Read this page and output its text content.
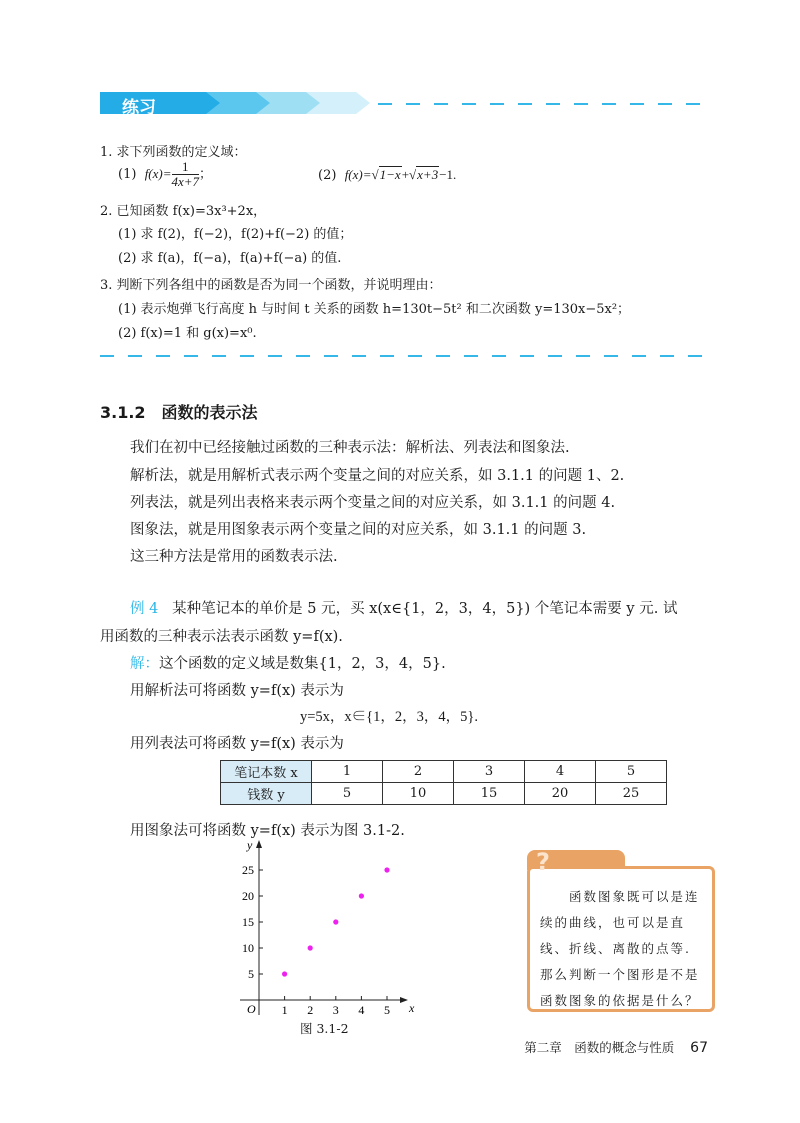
练习
1. 求下列函数的定义域：
(1) $f(x)= \frac{1}{4x+7}$ ；	(2) f(x)=√1−x+√x+3−1.
2. 已知函数 f(x)=3x³+2x，
(1) 求 f(2)，f(−2)，f(2)+f(−2) 的值；
(2) 求 f(a)，f(−a)，f(a)+f(−a) 的值.
3. 判断下列各组中的函数是否为同一个函数，并说明理由：
(1) 表示炮弹飞行高度 h 与时间 t 关系的函数 h=130t−5t² 和二次函数 y=130x−5x²；
(2) f(x)=1 和 g(x)=x⁰.
3.1.2　函数的表示法
我们在初中已经接触过函数的三种表示法：解析法、列表法和图象法.
解析法，就是用解析式表示两个变量之间的对应关系，如 3.1.1 的问题 1、2.
列表法，就是列出表格来表示两个变量之间的对应关系，如 3.1.1 的问题 4.
图象法，就是用图象表示两个变量之间的对应关系，如 3.1.1 的问题 3.
这三种方法是常用的函数表示法.
例 4 某种笔记本的单价是 5 元，买 x(x∈{1，2，3，4，5}) 个笔记本需要 y 元. 试
用函数的三种表示法表示函数 y=f(x).
解：这个函数的定义域是数集{1，2，3，4，5}.
用解析法可将函数 y=f(x) 表示为
y=5x，x∈{1，2，3，4，5}.
用列表法可将函数 y=f(x) 表示为
笔记本数 x	1	2	3	4	5
钱数 y	5	10	15	20	25
用图象法可将函数 y=f(x) 表示为图 3.1-2.
x
y
O 1 2 3 4 5
5
10
15
20
25
图 3.1-2
?
　　函数图象既可以是连续的曲线，也可以是直线、折线、离散的点等. 那么判断一个图形是不是函数图象的依据是什么？
第二章　函数的概念与性质 67
